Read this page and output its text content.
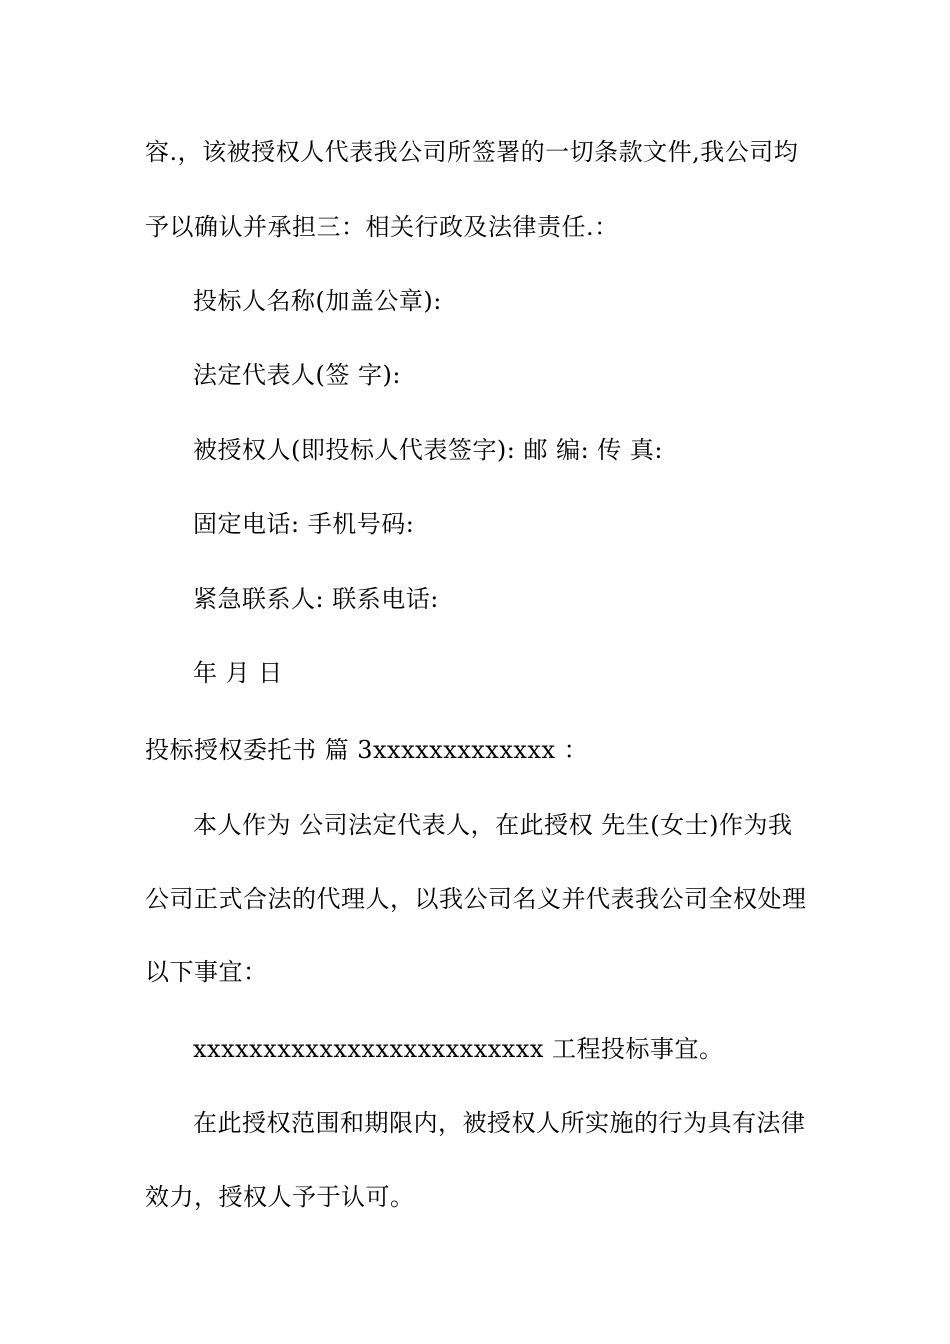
容.，该被授权人代表我公司所签署的一切条款文件,我公司均
予以确认并承担三：相关行政及法律责任.：
投标人名称(加盖公章):
法定代表人(签 字):
被授权人(即投标人代表签字): 邮 编: 传 真:
固定电话: 手机号码:
紧急联系人: 联系电话:
年 月 日
投标授权委托书 篇 3xxxxxxxxxxxxx ：
本人作为 公司法定代表人，在此授权 先生(女士)作为我
公司正式合法的代理人，以我公司名义并代表我公司全权处理
以下事宜：
xxxxxxxxxxxxxxxxxxxxxxxxx 工程投标事宜。
在此授权范围和期限内，被授权人所实施的行为具有法律
效力，授权人予于认可。
